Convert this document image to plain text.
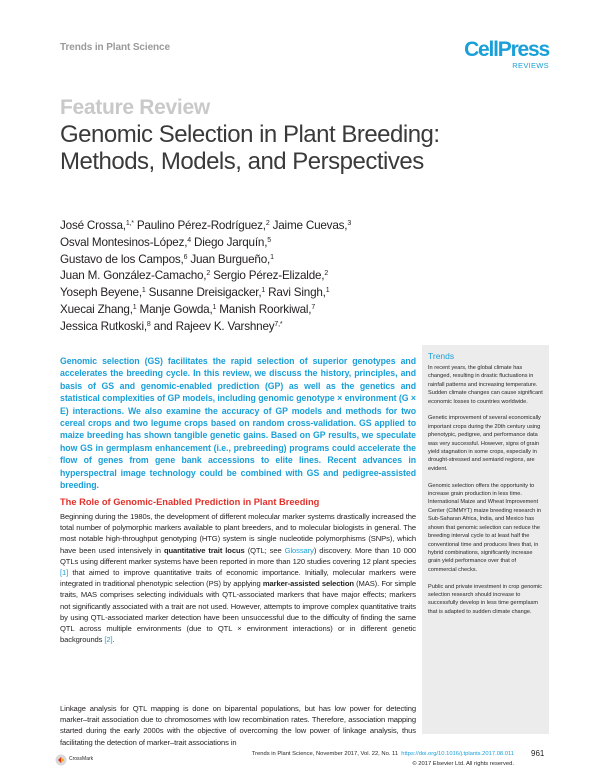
Trends in Plant Science	CellPress
REVIEWS
Feature Review
Genomic Selection in Plant Breeding: Methods, Models, and Perspectives
José Crossa,$^{1,*}$ Paulino Pérez-Rodríguez,$^2$ Jaime Cuevas,$^3$
Osval Montesinos-López,$^4$ Diego Jarquín,$^5$
Gustavo de los Campos,$^6$ Juan Burgueño,$^1$
Juan M. González-Camacho,$^2$ Sergio Pérez-Elizalde,$^2$
Yoseph Beyene,$^1$ Susanne Dreisigacker,$^1$ Ravi Singh,$^1$
Xuecai Zhang,$^1$ Manje Gowda,$^1$ Manish Roorkiwal,$^7$
Jessica Rutkoski,$^8$ and Rajeev K. Varshney$^{7,*}$
Genomic selection (GS) facilitates the rapid selection of superior genotypes and accelerates the breeding cycle. In this review, we discuss the history, principles, and basis of GS and genomic-enabled prediction (GP) as well as the genetics and statistical complexities of GP models, including genomic genotype × environment (G × E) interactions. We also examine the accuracy of GP models and methods for two cereal crops and two legume crops based on random cross-validation. GS applied to maize breeding has shown tangible genetic gains. Based on GP results, we speculate how GS in germplasm enhancement (i.e., prebreeding) programs could accelerate the flow of genes from gene bank accessions to elite lines. Recent advances in hyperspectral image technology could be combined with GS and pedigree-assisted breeding.
The Role of Genomic-Enabled Prediction in Plant Breeding

Beginning during the 1980s, the development of different molecular marker systems drastically increased the total number of polymorphic markers available to plant breeders, and to molecular biologists in general. The most notable high-throughput genotyping (HTG) system is single nucleotide polymorphisms (SNPs), which have been used intensively in quantitative trait locus (QTL; see Glossary) discovery. More than 10 000 QTLs using different marker systems have been reported in more than 120 studies covering 12 plant species [1] that aimed to improve quantitative traits of economic importance. Initially, molecular markers were integrated in traditional phenotypic selection (PS) by applying marker-assisted selection (MAS). For simple traits, MAS comprises selecting individuals with QTL-associated markers that have major effects; markers not significantly associated with a trait are not used. However, attempts to improve complex quantitative traits by using QTL-associated marker detection have been unsuccessful due to the difficulty of finding the same QTL across multiple environments (due to QTL × environment interactions) or in different genetic backgrounds [2].

Linkage analysis for QTL mapping is done on biparental populations, but has low power for detecting marker–trait association due to chromosomes with low recombination rates. Therefore, association mapping started during the early 2000s with the objective of overcoming the low power of linkage analysis, thus facilitating the detection of marker–trait associations in

Trends

In recent years, the global climate has changed, resulting in drastic fluctuations in rainfall patterns and increasing temperature. Sudden climate changes can cause significant economic losses to countries worldwide.

Genetic improvement of several economically important crops during the 20th century using phenotypic, pedigree, and performance data was very successful. However, signs of grain yield stagnation in some crops, especially in drought-stressed and semiarid regions, are evident.

Genomic selection offers the opportunity to increase grain production in less time. International Maize and Wheat Improvement Center (CIMMYT) maize breeding research in Sub-Saharan Africa, India, and Mexico has shown that genomic selection can reduce the breeding interval cycle to at least half the conventional time and produces lines that, in hybrid combinations, significantly increase grain yield performance over that of commercial checks.

Public and private investment in crop genomic selection research should increase to successfully develop in less time germplasm that is adapted to sudden climate change.

CrossMark
Trends in Plant Science, November 2017, Vol. 22, No. 11 https://doi.org/10.1016/j.tplants.2017.08.011
© 2017 Elsevier Ltd. All rights reserved.
961
